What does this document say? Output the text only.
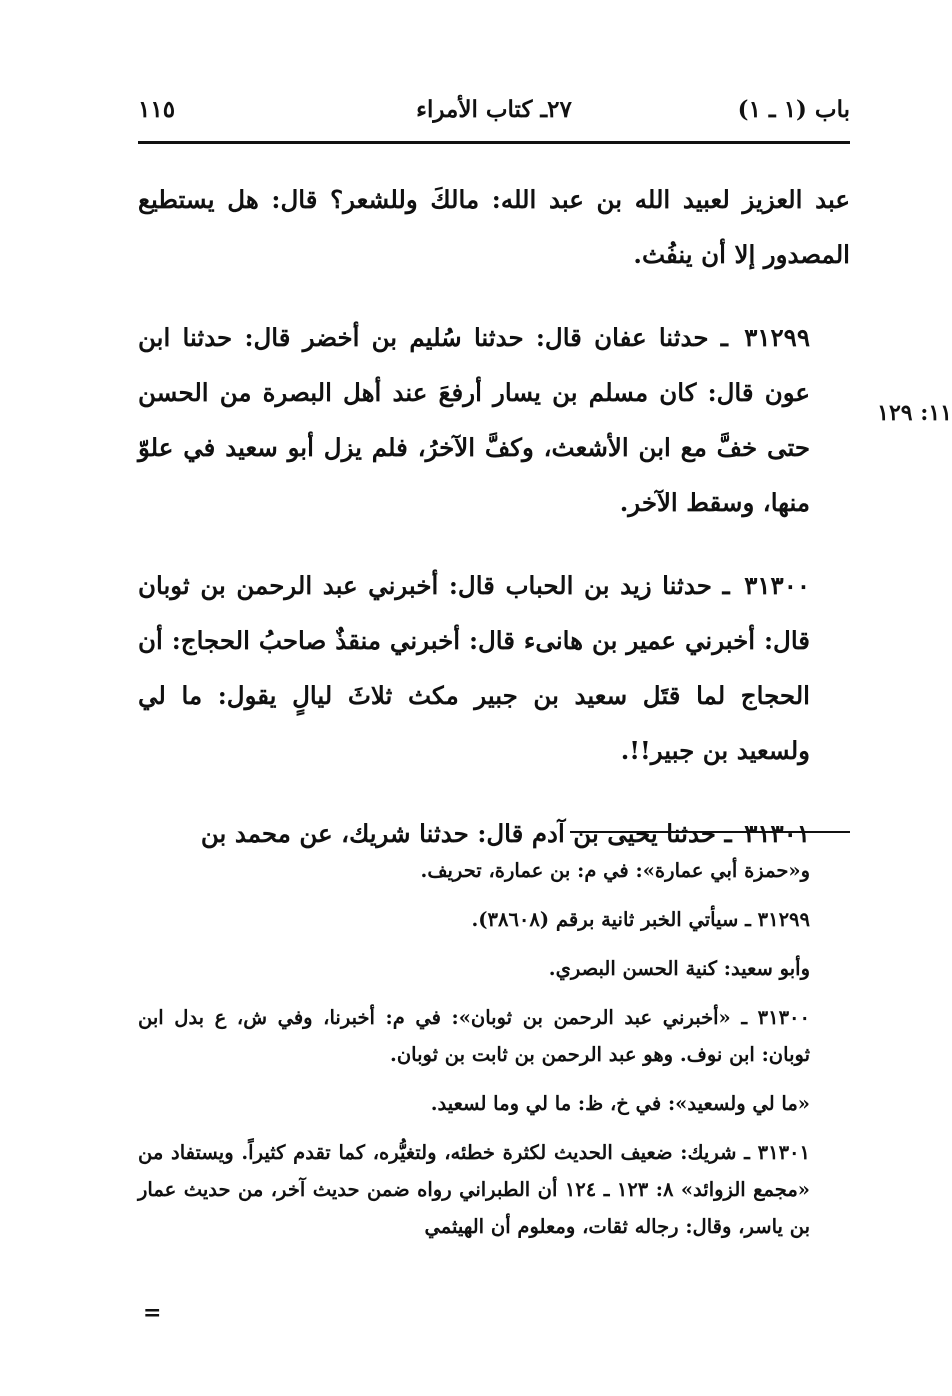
باب (١ ـ ١)
٢٧ـ كتاب الأمراء
١١٥

عبد العزيز لعبيد الله بن عبد الله: مالكَ وللشعر؟ قال: هل يستطيع المصدور إلا أن ينفُث.

٣١٢٩٩ ـ حدثنا عفان قال: حدثنا سُليم بن أخضر قال: حدثنا ابن عون قال: كان مسلم بن يسار أرفعَ عند أهل البصرة من الحسن حتى خفَّ مع ابن الأشعث، وكفَّ الآخرُ، فلم يزل أبو سعيد في علوّ منها، وسقط الآخر.

٣١٣٠٠ ـ حدثنا زيد بن الحباب قال: أخبرني عبد الرحمن بن ثوبان قال: أخبرني عمير بن هانىء قال: أخبرني منقذٌ صاحبُ الحجاج: أن الحجاج لما قتَل سعيد بن جبير مكث ثلاثَ ليالٍ يقول: ما لي ولسعيد بن جبير!!.

٣١٣٠١ ـ حدثنا يحيى بن آدم قال: حدثنا شريك، عن محمد بن

١١: ١٢٩

و«حمزة أبي عمارة»: في م: بن عمارة، تحريف.

٣١٢٩٩ ـ سيأتي الخبر ثانية برقم (٣٨٦٠٨).

وأبو سعيد: كنية الحسن البصري.

٣١٣٠٠ ـ «أخبرني عبد الرحمن بن ثوبان»: في م: أخبرنا، وفي ش، ع بدل ابن ثوبان: ابن نوف. وهو عبد الرحمن بن ثابت بن ثوبان.

«ما لي ولسعيد»: في خ، ظ: ما لي وما لسعيد.

٣١٣٠١ ـ شريك: ضعيف الحديث لكثرة خطئه، ولتغيُّره، كما تقدم كثيراً. ويستفاد من «مجمع الزوائد» ٨: ١٢٣ ـ ١٢٤ أن الطبراني رواه ضمن حديث آخر، من حديث عمار بن ياسر، وقال: رجاله ثقات، ومعلوم أن الهيثمي

=
